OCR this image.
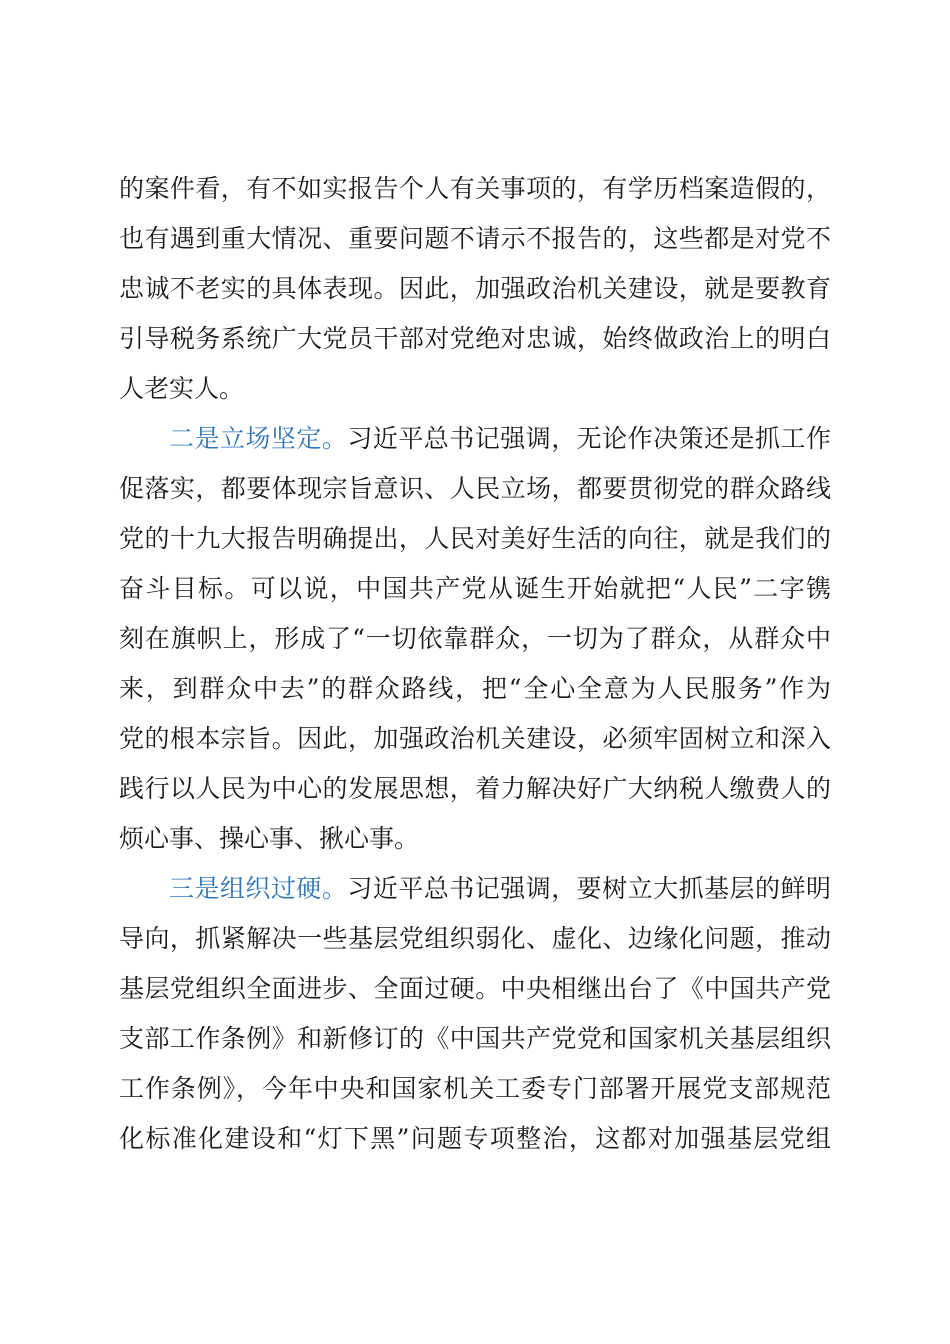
的案件看，有不如实报告个人有关事项的，有学历档案造假的，
也有遇到重大情况、重要问题不请示不报告的，这些都是对党不
忠诚不老实的具体表现。因此，加强政治机关建设，就是要教育
引导税务系统广大党员干部对党绝对忠诚，始终做政治上的明白
人老实人。
二是立场坚定。习近平总书记强调，无论作决策还是抓工作
促落实，都要体现宗旨意识、人民立场，都要贯彻党的群众路线
党的十九大报告明确提出，人民对美好生活的向往，就是我们的
奋斗目标。可以说，中国共产党从诞生开始就把“人民”二字镌
刻在旗帜上，形成了“一切依靠群众，一切为了群众，从群众中
来，到群众中去”的群众路线，把“全心全意为人民服务”作为
党的根本宗旨。因此，加强政治机关建设，必须牢固树立和深入
践行以人民为中心的发展思想，着力解决好广大纳税人缴费人的
烦心事、操心事、揪心事。
三是组织过硬。习近平总书记强调，要树立大抓基层的鲜明
导向，抓紧解决一些基层党组织弱化、虚化、边缘化问题，推动
基层党组织全面进步、全面过硬。中央相继出台了《中国共产党
支部工作条例》和新修订的《中国共产党党和国家机关基层组织
工作条例》，今年中央和国家机关工委专门部署开展党支部规范
化标准化建设和“灯下黑”问题专项整治，这都对加强基层党组
